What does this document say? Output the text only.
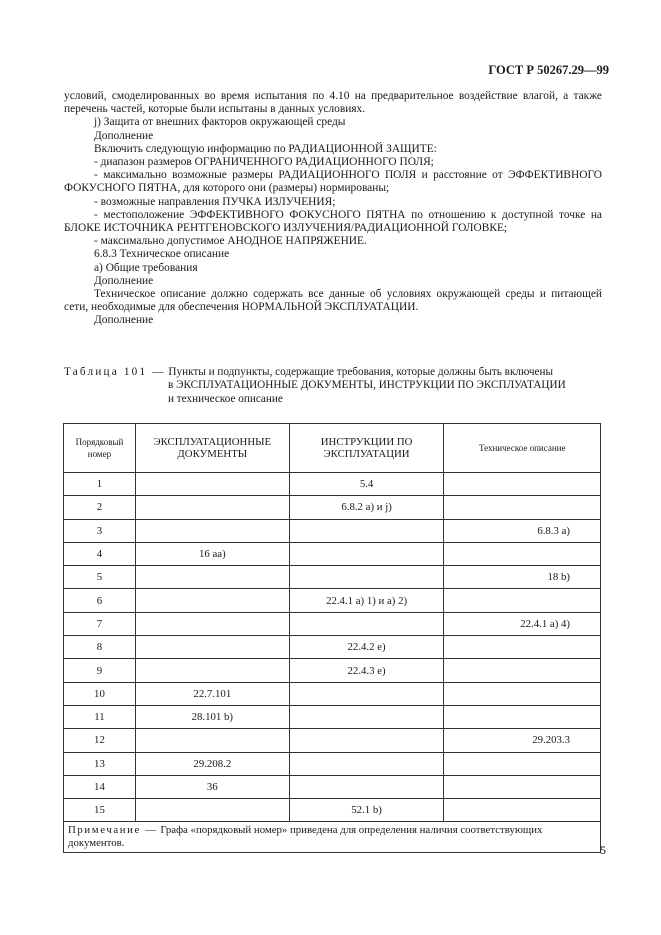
ГОСТ Р 50267.29—99

условий, смоделированных во время испытания по 4.10 на предварительное воздействие влагой, а также перечень частей, которые были испытаны в данных условиях.

j) Защита от внешних факторов окружающей среды

Дополнение

Включить следующую информацию по РАДИАЦИОННОЙ ЗАЩИТЕ:

- диапазон размеров ОГРАНИЧЕННОГО РАДИАЦИОННОГО ПОЛЯ;

- максимально возможные размеры РАДИАЦИОННОГО ПОЛЯ и расстояние от ЭФФЕКТИВНОГО ФОКУСНОГО ПЯТНА, для которого они (размеры) нормированы;

- возможные направления ПУЧКА ИЗЛУЧЕНИЯ;

- местоположение ЭФФЕКТИВНОГО ФОКУСНОГО ПЯТНА по отношению к доступной точке на БЛОКЕ ИСТОЧНИКА РЕНТГЕНОВСКОГО ИЗЛУЧЕНИЯ/РАДИАЦИОННОЙ ГОЛОВКЕ;

- максимально допустимое АНОДНОЕ НАПРЯЖЕНИЕ.

6.8.3 Техническое описание

а) Общие требования

Дополнение

Техническое описание должно содержать все данные об условиях окружающей среды и питающей сети, необходимые для обеспечения НОРМАЛЬНОЙ ЭКСПЛУАТАЦИИ.

Дополнение

Таблица 101 — Пункты и подпункты, содержащие требования, которые должны быть включены
в ЭКСПЛУАТАЦИОННЫЕ ДОКУМЕНТЫ, ИНСТРУКЦИИ ПО ЭКСПЛУАТАЦИИ
и техническое описание
Порядковый номер	ЭКСПЛУАТАЦИОННЫЕ ДОКУМЕНТЫ	ИНСТРУКЦИИ ПО ЭКСПЛУАТАЦИИ	Техническое описание
1		5.4	
2		6.8.2 а) и j)	
3			6.8.3 а)
4	16 аа)		
5			18 b)
6		22.4.1 а) 1) и а) 2)	
7			22.4.1 а) 4)
8		22.4.2 е)	
9		22.4.3 е)	
10	22.7.101		
11	28.101 b)		
12			29.203.3
13	29.208.2		
14	36		
15		52.1 b)	
Примечание — Графа «порядковый номер» приведена для определения наличия соответствующих документов.			
5
